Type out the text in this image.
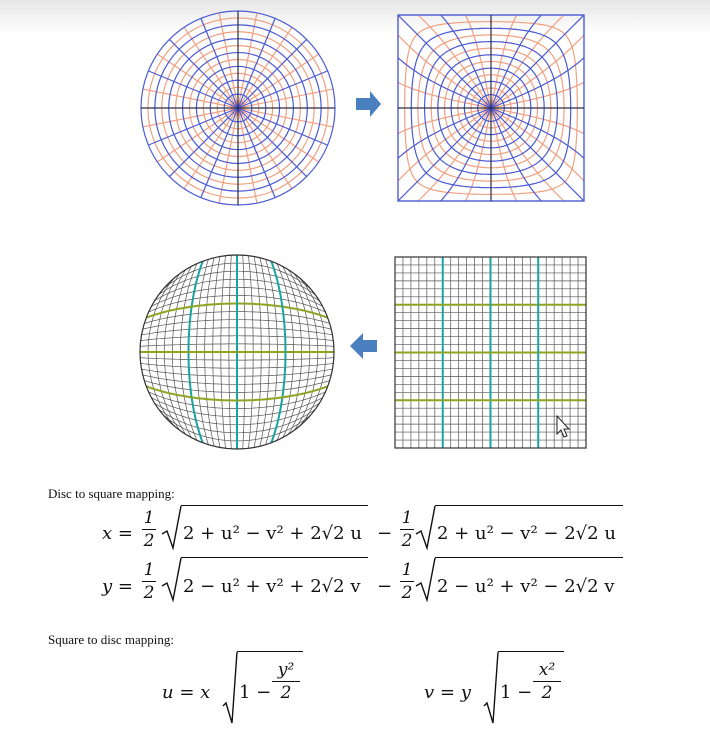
Disc to square mapping:
x =
1
2 2 + u² − v² + 2√2 u −
1
2 2 + u² − v² − 2√2 u
y =
1
2 2 − u² + v² + 2√2 v −
1
2 2 − u² + v² − 2√2 v
Square to disc mapping:
u = x 1 −
y²
2	v = y 1 −
x²
2
